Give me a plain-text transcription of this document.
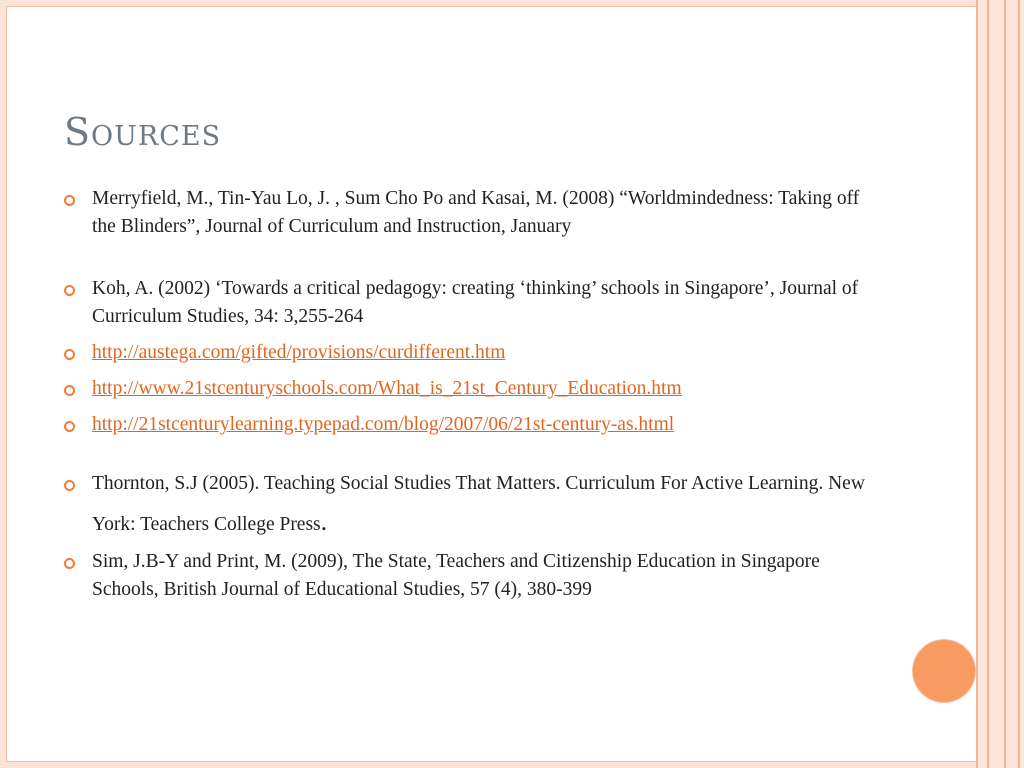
Sources
Merryfield, M., Tin-Yau Lo, J. , Sum Cho Po and Kasai, M. (2008) “Worldmindedness: Taking off the Blinders”, Journal of Curriculum and Instruction, January
Koh, A. (2002) ‘Towards a critical pedagogy: creating ‘thinking’ schools in Singapore’, Journal of Curriculum Studies, 34: 3,255-264
http://austega.com/gifted/provisions/curdifferent.htm
http://www.21stcenturyschools.com/What_is_21st_Century_Education.htm
http://21stcenturylearning.typepad.com/blog/2007/06/21st-century-as.html
Thornton, S.J (2005). Teaching Social Studies That Matters. Curriculum For Active Learning. New York: Teachers College Press.
Sim, J.B-Y and Print, M. (2009), The State, Teachers and Citizenship Education in Singapore Schools, British Journal of Educational Studies, 57 (4), 380-399
